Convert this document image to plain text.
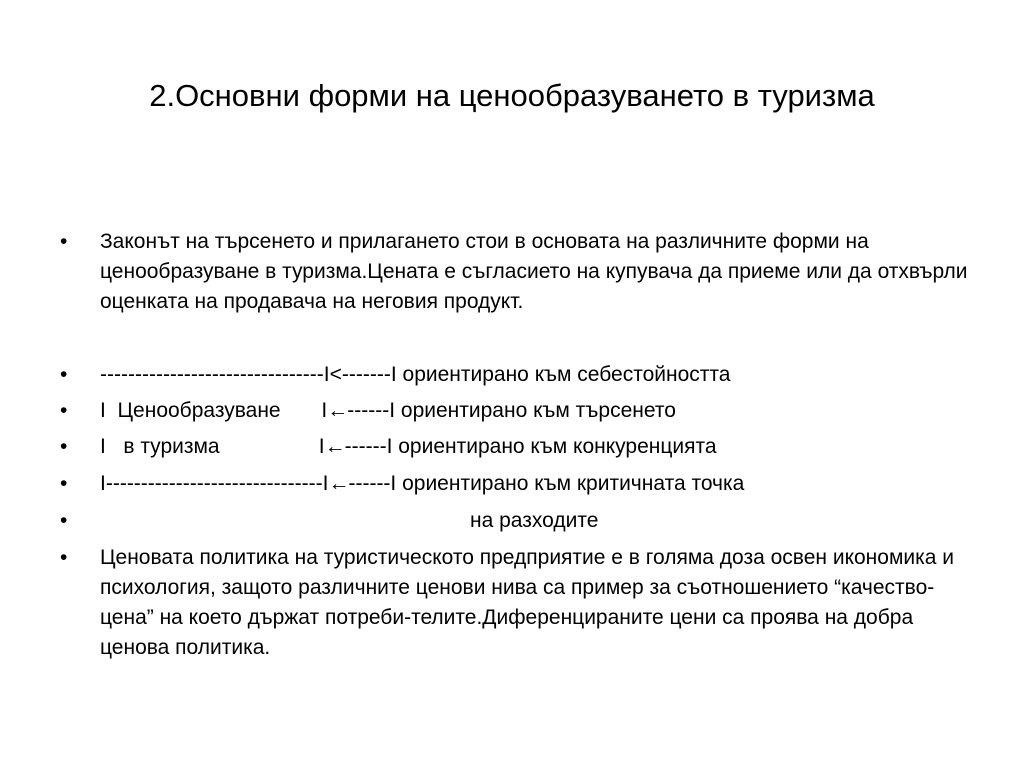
2.Основни форми на ценообразуването в туризма
•	Законът на търсенето и прилагането стои в основата на различните форми на ценообразуване в туризма.Цената е съгласието на купувача да приеме или да отхвърли оценката на продавача на неговия продукт.
•	--------------------------------I<-------I ориентирано към себестойността
•	I  Ценообразуване       I←------I ориентирано към търсенето
•	I   в туризма                 I←------I ориентирано към конкуренцията
•	I-------------------------------I←------I ориентирано към критичната точка
•	на разходите
•	Ценовата политика на туристическото предприятие е в голяма доза освен икономика и психология, защото различните ценови нива са пример за съотношението “качество-цена” на което държат потреби-телите.Диференцираните цени са проява на добра ценова политика.
